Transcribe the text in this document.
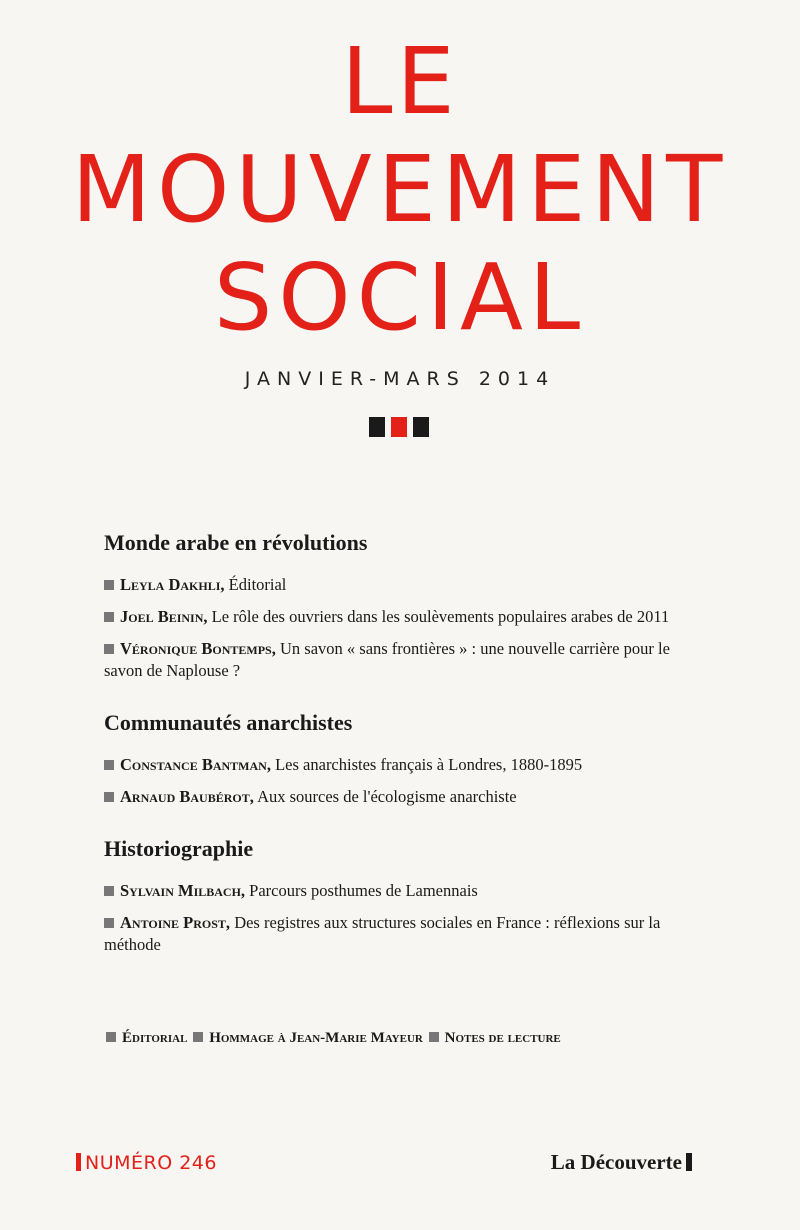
LE
MOUVEMENT
SOCIAL
JANVIER-MARS 2014
Monde arabe en révolutions

Leyla Dakhli, Éditorial

Joel Beinin, Le rôle des ouvriers dans les soulèvements populaires arabes de 2011

Véronique Bontemps, Un savon « sans frontières » : une nouvelle carrière pour le savon de Naplouse ?

Communautés anarchistes

Constance Bantman, Les anarchistes français à Londres, 1880-1895

Arnaud Baubérot, Aux sources de l'écologisme anarchiste

Historiographie

Sylvain Milbach, Parcours posthumes de Lamennais

Antoine Prost, Des registres aux structures sociales en France : réflexions sur la méthode

Éditorial Hommage à Jean-Marie Mayeur Notes de lecture
NUMÉRO 246	La Découverte
